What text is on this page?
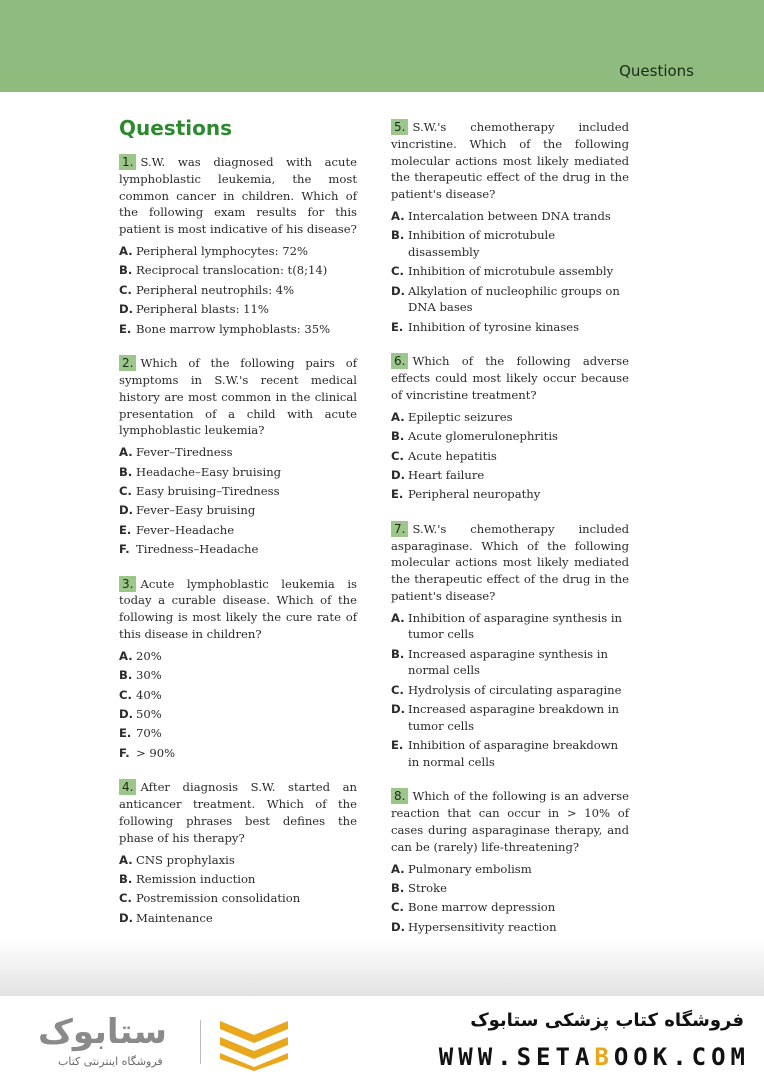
Questions
Questions

1. S.W. was diagnosed with acute lymphoblastic leukemia, the most common cancer in children. Which of the following exam results for this patient is most indicative of his disease?

A. Peripheral lymphocytes: 72%
B. Reciprocal translocation: t(8;14)
C. Peripheral neutrophils: 4%
D. Peripheral blasts: 11%
E. Bone marrow lymphoblasts: 35%

2. Which of the following pairs of symptoms in S.W.'s recent medical history are most common in the clinical presentation of a child with acute lymphoblastic leukemia?

A. Fever–Tiredness
B. Headache–Easy bruising
C. Easy bruising–Tiredness
D. Fever–Easy bruising
E. Fever–Headache
F. Tiredness–Headache

3. Acute lymphoblastic leukemia is today a curable disease. Which of the following is most likely the cure rate of this disease in children?

A. 20%
B. 30%
C. 40%
D. 50%
E. 70%
F. > 90%

4. After diagnosis S.W. started an anticancer treatment. Which of the following phrases best defines the phase of his therapy?

A. CNS prophylaxis
B. Remission induction
C. Postremission consolidation
D. Maintenance

5. S.W.'s chemotherapy included vincristine. Which of the following molecular actions most likely mediated the therapeutic effect of the drug in the patient's disease?

A. Intercalation between DNA trands
B. Inhibition of microtubule disassembly
C. Inhibition of microtubule assembly
D. Alkylation of nucleophilic groups on DNA bases
E. Inhibition of tyrosine kinases

6. Which of the following adverse effects could most likely occur because of vincristine treatment?

A. Epileptic seizures
B. Acute glomerulonephritis
C. Acute hepatitis
D. Heart failure
E. Peripheral neuropathy

7. S.W.'s chemotherapy included asparaginase. Which of the following molecular actions most likely mediated the therapeutic effect of the drug in the patient's disease?

A. Inhibition of asparagine synthesis in tumor cells
B. Increased asparagine synthesis in normal cells
C. Hydrolysis of circulating asparagine
D. Increased asparagine breakdown in tumor cells
E. Inhibition of asparagine breakdown in normal cells

8. Which of the following is an adverse reaction that can occur in > 10% of cases during asparaginase therapy, and can be (rarely) life-threatening?

A. Pulmonary embolism
B. Stroke
C. Bone marrow depression
D. Hypersensitivity reaction
ستابوک
فروشگاه اینترنتی کتاب
فروشگاه کتاب پزشکی ستابوک
WWW.SETABOOK.COM
